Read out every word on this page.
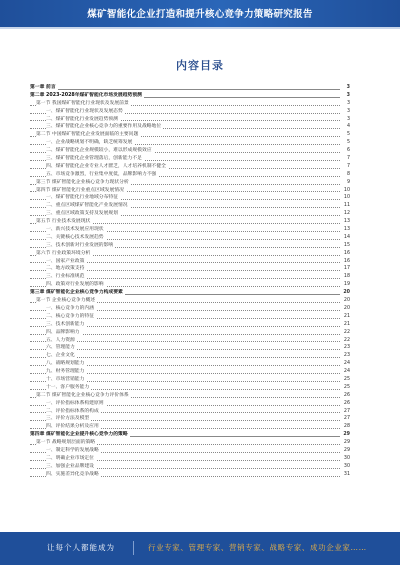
煤矿智能化企业打造和提升核心竞争力策略研究报告
内容目录
第一章 前言	3
第二章 2023-2028年煤矿智能化市场发展趋势预测	3
第一节 我国煤矿智能化行业现状及发展前景	3
一、煤矿智能化行业现状及发展态势	3
二、煤矿智能化行业发展趋势预测	3
三、煤矿智能化企业核心竞争力的重要作用及战略地位	4
第二节 中国煤矿智能化企业发展面临的主要问题	5
一、企业战略规划不明确，缺乏统筹发展	5
二、煤矿智能化企业规模较小，难以形成规模效应	6
三、煤矿智能化企业管理落后，创新能力不足	7
四、煤矿智能化企业专业人才匮乏，人才培养机制不健全	7
五、市场竞争激烈，行业集中度低，品牌影响力不强	8
第三节 煤矿智能化企业核心竞争力现状分析	9
第四节 煤矿智能化行业重点区域发展情况	10
一、煤矿智能化行业地域分布特征	10
二、重点区域煤矿智能化产业发展情况	11
三、重点区域政策支持及发展规划	12
第五节 行业技术发展现状	13
一、新兴技术发展应用现状	13
二、关键核心技术发展趋势	14
三、技术创新对行业发展的影响	15
第六节 行业政策环境分析	16
一、国家产业政策	16
二、地方政策支持	17
三、行业标准规范	18
四、政策对行业发展的影响	19
第三章 煤矿智能化企业核心竞争力构成要素	20
第一节 企业核心竞争力概述	20
一、核心竞争力的内涵	20
二、核心竞争力的特征	21
三、技术创新能力	21
四、品牌影响力	22
五、人力资源	22
六、管理能力	23
七、企业文化	23
八、战略规划能力	24
九、财务管理能力	24
十、市场营销能力	25
十一、客户服务能力	25
第二节 煤矿智能化企业核心竞争力评价体系	26
一、评价指标体系构建原则	26
二、评价指标体系的构成	27
三、评价方法及模型	27
四、评价结果分析及应用	28
第四章 煤矿智能化企业提升核心竞争力的策略	29
第一节 战略规划层面的策略	29
一、制定科学的发展战略	29
二、明确企业市场定位	30
三、加强企业品牌建设	30
四、实施差异化竞争战略	31
让每个人都能成为	行业专家、管理专家、营销专家、战略专家、成功企业家……
